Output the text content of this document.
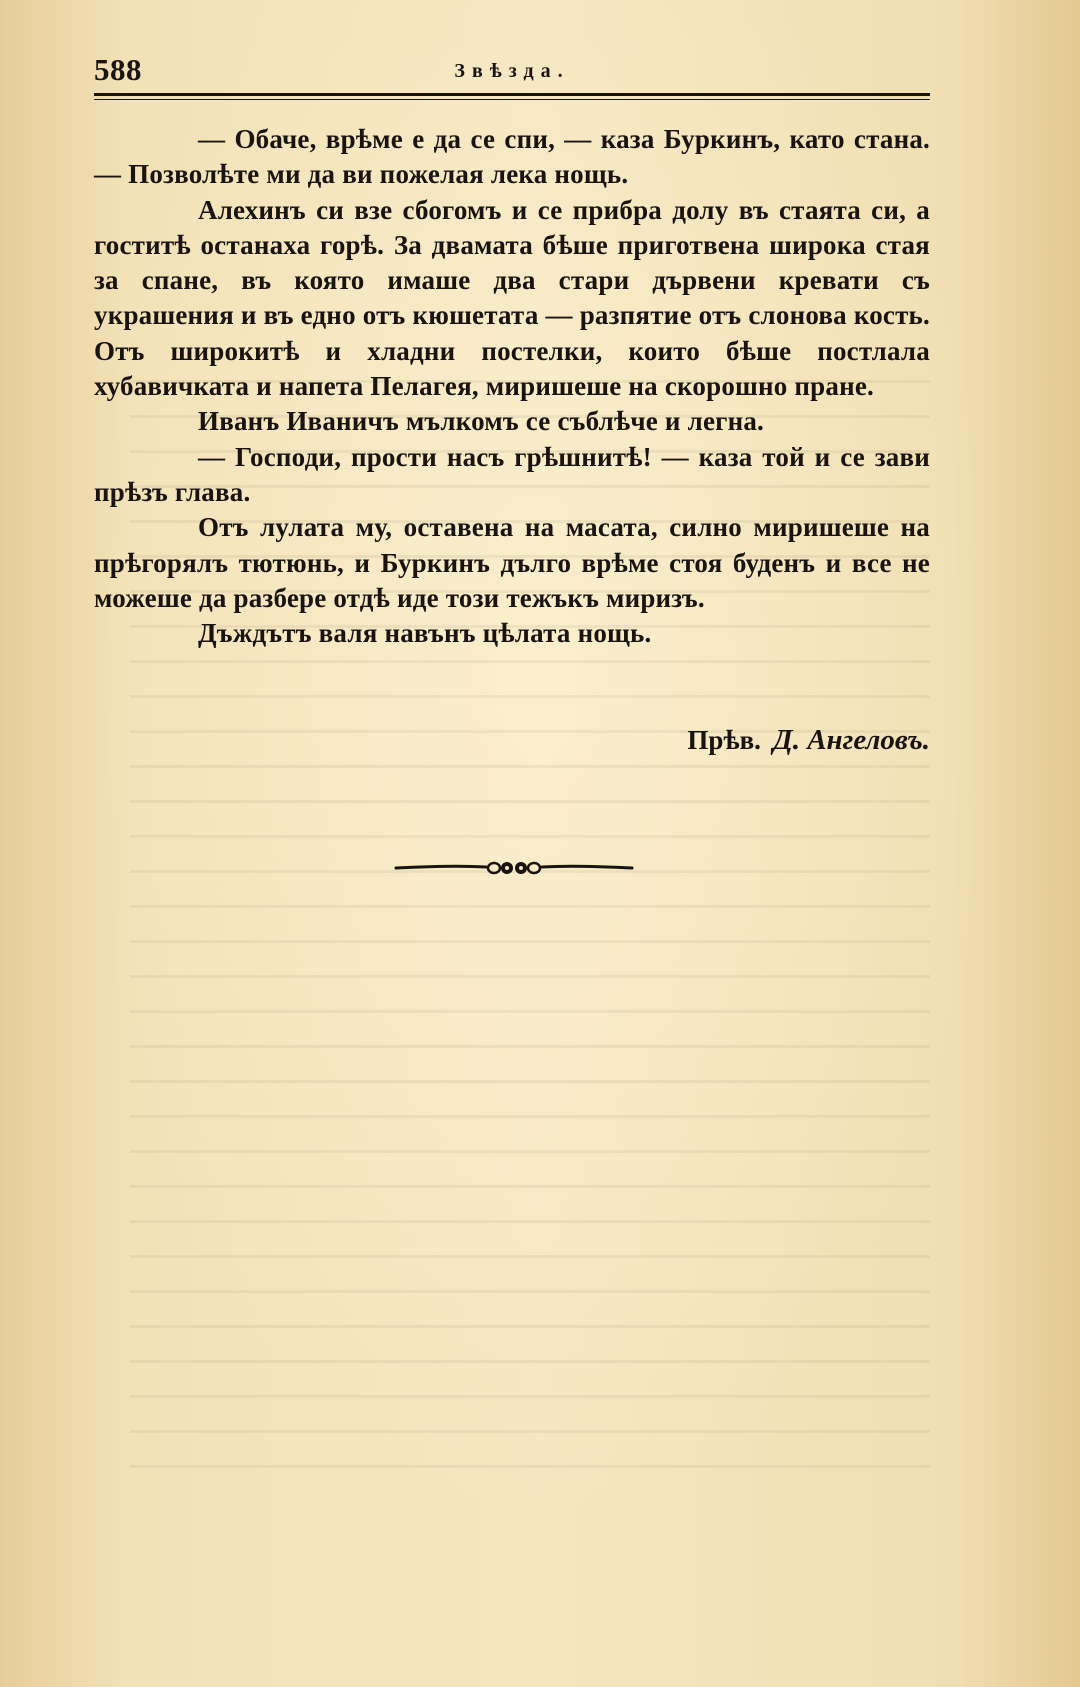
588	Звѣзда.

— Обаче, врѣме е да се спи, — каза Буркинъ, като стана. — Позволѣте ми да ви пожелая лека нощь.

Алехинъ си взе сбогомъ и се прибра долу въ стаята си, а гоститѣ останаха горѣ. За двамата бѣше приготвена широка стая за спане, въ която имаше два стари дървени кревати съ украшения и въ едно отъ кюшетата — разпятие отъ слонова кость. Отъ широкитѣ и хладни постелки, които бѣше постлала хубавичката и напета Пелагея, миришеше на скорошно пране.

Иванъ Иваничъ мълкомъ се съблѣче и легна.

— Господи, прости насъ грѣшнитѣ! — каза той и се зави прѣзъ глава.

Отъ лулата му, оставена на масата, силно миришеше на прѣгорялъ тютюнь, и Буркинъ дълго врѣме стоя буденъ и все не можеше да разбере отдѣ иде този тежъкъ миризъ.

Дъждътъ валя навънъ цѣлата нощь.

Прѣв. Д. Ангеловъ.
